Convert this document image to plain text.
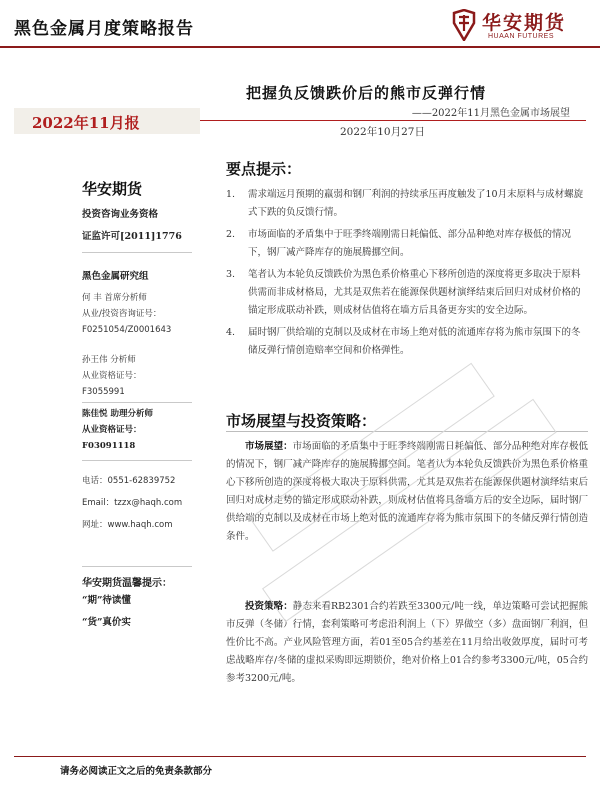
黑色金属月度策略报告	华安期货
HUAAN FUTURES
把握负反馈跌价后的熊市反弹行情
——2022年11月黑色金属市场展望
2022年11月报	2022年10月27日
华安期货
投资咨询业务资格
证监许可[2011]1776
黑色金属研究组
何 丰 首席分析师
从业/投资咨询证号：
F0251054/Z0001643
孙王伟 分析师
从业资格证号：
F3055991
陈佳悦 助理分析师
从业资格证号：
F03091118
电话：0551-62839752
Email：tzzx@haqh.com
网址：www.haqh.com
华安期货温馨提示：
“期”待读懂
“货”真价实
要点提示：
1. 需求端远月预期的羸弱和钢厂利润的持续承压再度触发了10月末原料与成材螺旋式下跌的负反馈行情。
2. 市场面临的矛盾集中于旺季终端刚需日耗偏低、部分品种绝对库存极低的情况下，钢厂减产降库存的施展腾挪空间。
3. 笔者认为本轮负反馈跌价为黑色系价格重心下移所创造的深度将更多取决于原料供需而非成材格局，尤其是双焦若在能源保供题材演绎结束后回归对成材价格的锚定形成联动补跌，则成材估值将在墙方后具备更夯实的安全边际。
4. 届时钢厂供给端的克制以及成材在市场上绝对低的流通库存将为熊市氛围下的冬储反弹行情创造赔率空间和价格弹性。
市场展望与投资策略：
市场展望：市场面临的矛盾集中于旺季终端刚需日耗偏低、部分品种绝对库存极低的情况下，钢厂减产降库存的施展腾挪空间。笔者认为本轮负反馈跌价为黑色系价格重心下移所创造的深度将极大取决于原料供需，尤其是双焦若在能源保供题材演绎结束后回归对成材走势的锚定形成联动补跌，则成材估值将具备墙方后的安全边际，届时钢厂供给端的克制以及成材在市场上绝对低的流通库存将为熊市氛围下的冬储反弹行情创造条件。
投资策略：静态来看RB2301合约若跌至3300元/吨一线，单边策略可尝试把握熊市反弹（冬储）行情，套利策略可考虑沿利润上（下）界做空（多）盘面钢厂利润，但性价比不高。产业风险管理方面，若01至05合约基差在11月给出收敛厚度，届时可考虑战略库存/冬储的虚拟采购即远期锁价，绝对价格上01合约参考3300元/吨，05合约参考3200元/吨。
请务必阅读正文之后的免责条款部分
